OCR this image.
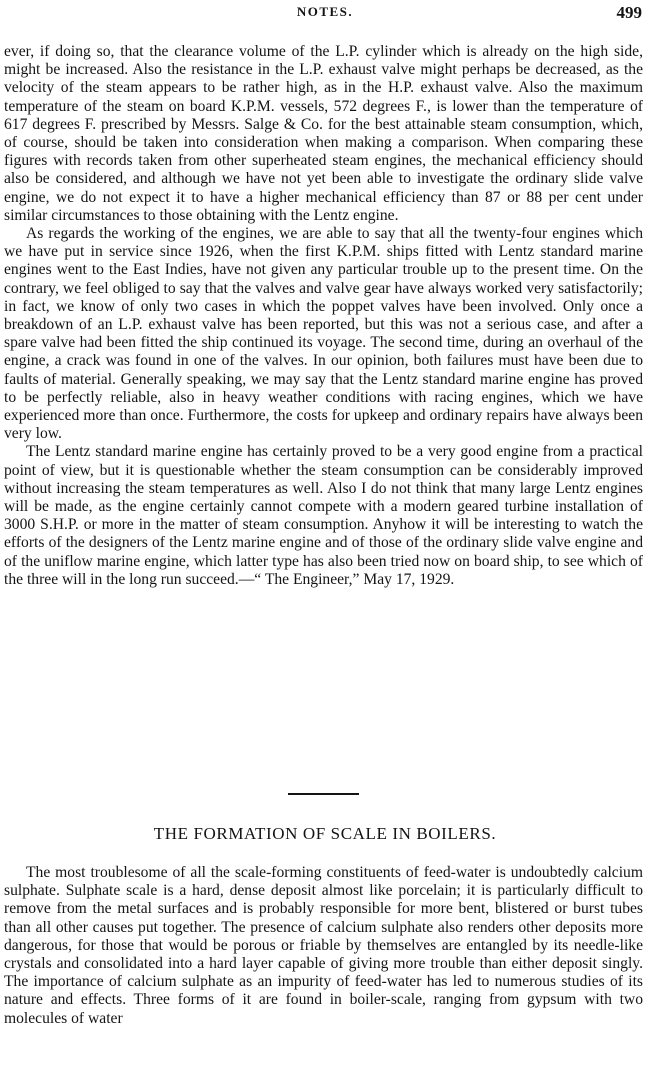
NOTES.	499

ever, if doing so, that the clearance volume of the L.P. cylinder which is already on the high side, might be increased. Also the resistance in the L.P. exhaust valve might perhaps be decreased, as the velocity of the steam appears to be rather high, as in the H.P. exhaust valve. Also the maximum temperature of the steam on board K.P.M. vessels, 572 degrees F., is lower than the temperature of 617 degrees F. prescribed by Messrs. Salge & Co. for the best attainable steam consumption, which, of course, should be taken into consideration when making a comparison. When comparing these figures with records taken from other superheated steam engines, the mechanical efficiency should also be considered, and although we have not yet been able to investigate the ordinary slide valve engine, we do not expect it to have a higher mechanical efficiency than 87 or 88 per cent under similar circumstances to those obtaining with the Lentz engine.

As regards the working of the engines, we are able to say that all the twenty-four engines which we have put in service since 1926, when the first K.P.M. ships fitted with Lentz standard marine engines went to the East Indies, have not given any particular trouble up to the present time. On the contrary, we feel obliged to say that the valves and valve gear have always worked very satisfactorily; in fact, we know of only two cases in which the poppet valves have been involved. Only once a breakdown of an L.P. exhaust valve has been reported, but this was not a serious case, and after a spare valve had been fitted the ship continued its voyage. The second time, during an overhaul of the engine, a crack was found in one of the valves. In our opinion, both failures must have been due to faults of material. Generally speaking, we may say that the Lentz standard marine engine has proved to be perfectly reliable, also in heavy weather conditions with racing engines, which we have experienced more than once. Furthermore, the costs for upkeep and ordinary repairs have always been very low.

The Lentz standard marine engine has certainly proved to be a very good engine from a practical point of view, but it is questionable whether the steam consumption can be considerably improved without increasing the steam temperatures as well. Also I do not think that many large Lentz engines will be made, as the engine certainly cannot compete with a modern geared turbine installation of 3000 S.H.P. or more in the matter of steam consumption. Anyhow it will be interesting to watch the efforts of the designers of the Lentz marine engine and of those of the ordinary slide valve engine and of the uniflow marine engine, which latter type has also been tried now on board ship, to see which of the three will in the long run succeed.—“ The Engineer,” May 17, 1929.

THE FORMATION OF SCALE IN BOILERS.

The most troublesome of all the scale-forming constituents of feed-water is undoubtedly calcium sulphate. Sulphate scale is a hard, dense deposit almost like porcelain; it is particularly difficult to remove from the metal surfaces and is probably responsible for more bent, blistered or burst tubes than all other causes put together. The presence of calcium sulphate also renders other deposits more dangerous, for those that would be porous or friable by themselves are entangled by its needle-like crystals and consolidated into a hard layer capable of giving more trouble than either deposit singly. The importance of calcium sulphate as an impurity of feed-water has led to numerous studies of its nature and effects. Three forms of it are found in boiler-scale, ranging from gypsum with two molecules of water
